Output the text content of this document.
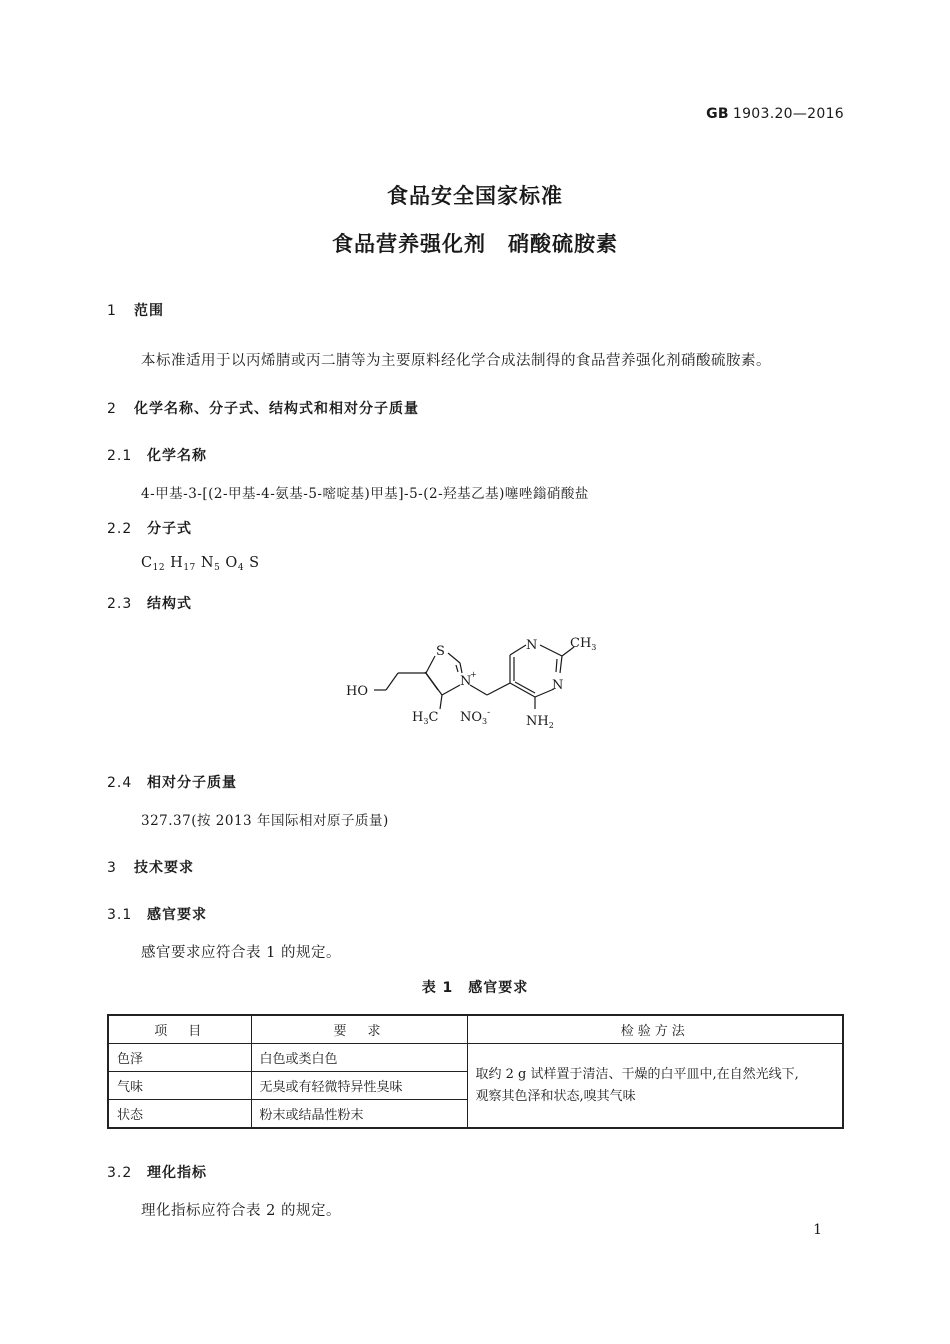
GB 1903.20—2016
食品安全国家标准
食品营养强化剂　硝酸硫胺素
1 范围
本标准适用于以丙烯腈或丙二腈等为主要原料经化学合成法制得的食品营养强化剂硝酸硫胺素。
2 化学名称、分子式、结构式和相对分子质量
2.1 化学名称
4-甲基-3-[(2-甲基-4-氨基-5-嘧啶基)甲基]-5-(2-羟基乙基)噻唑鎓硝酸盐
2.2 分子式
$C_{12}$ $H_{17}$ $N_5$ $O_4$ S
2.3 结构式
HO
S
N
+
N
N
$CH_3$
$H_3C$ $NO_3^-$
$NH_2$
2.4 相对分子质量
327.37(按 2013 年国际相对原子质量)
3 技术要求
3.1 感官要求
感官要求应符合表 1 的规定。
表 1　感官要求
项　目	要　求	检验方法
色泽	白色或类白色	取约 2 g 试样置于清洁、干燥的白平皿中,在自然光线下,
观察其色泽和状态,嗅其气味

气味	无臭或有轻微特异性臭味	
状态	粉末或结晶性粉末	
3.2 理化指标
理化指标应符合表 2 的规定。
1
